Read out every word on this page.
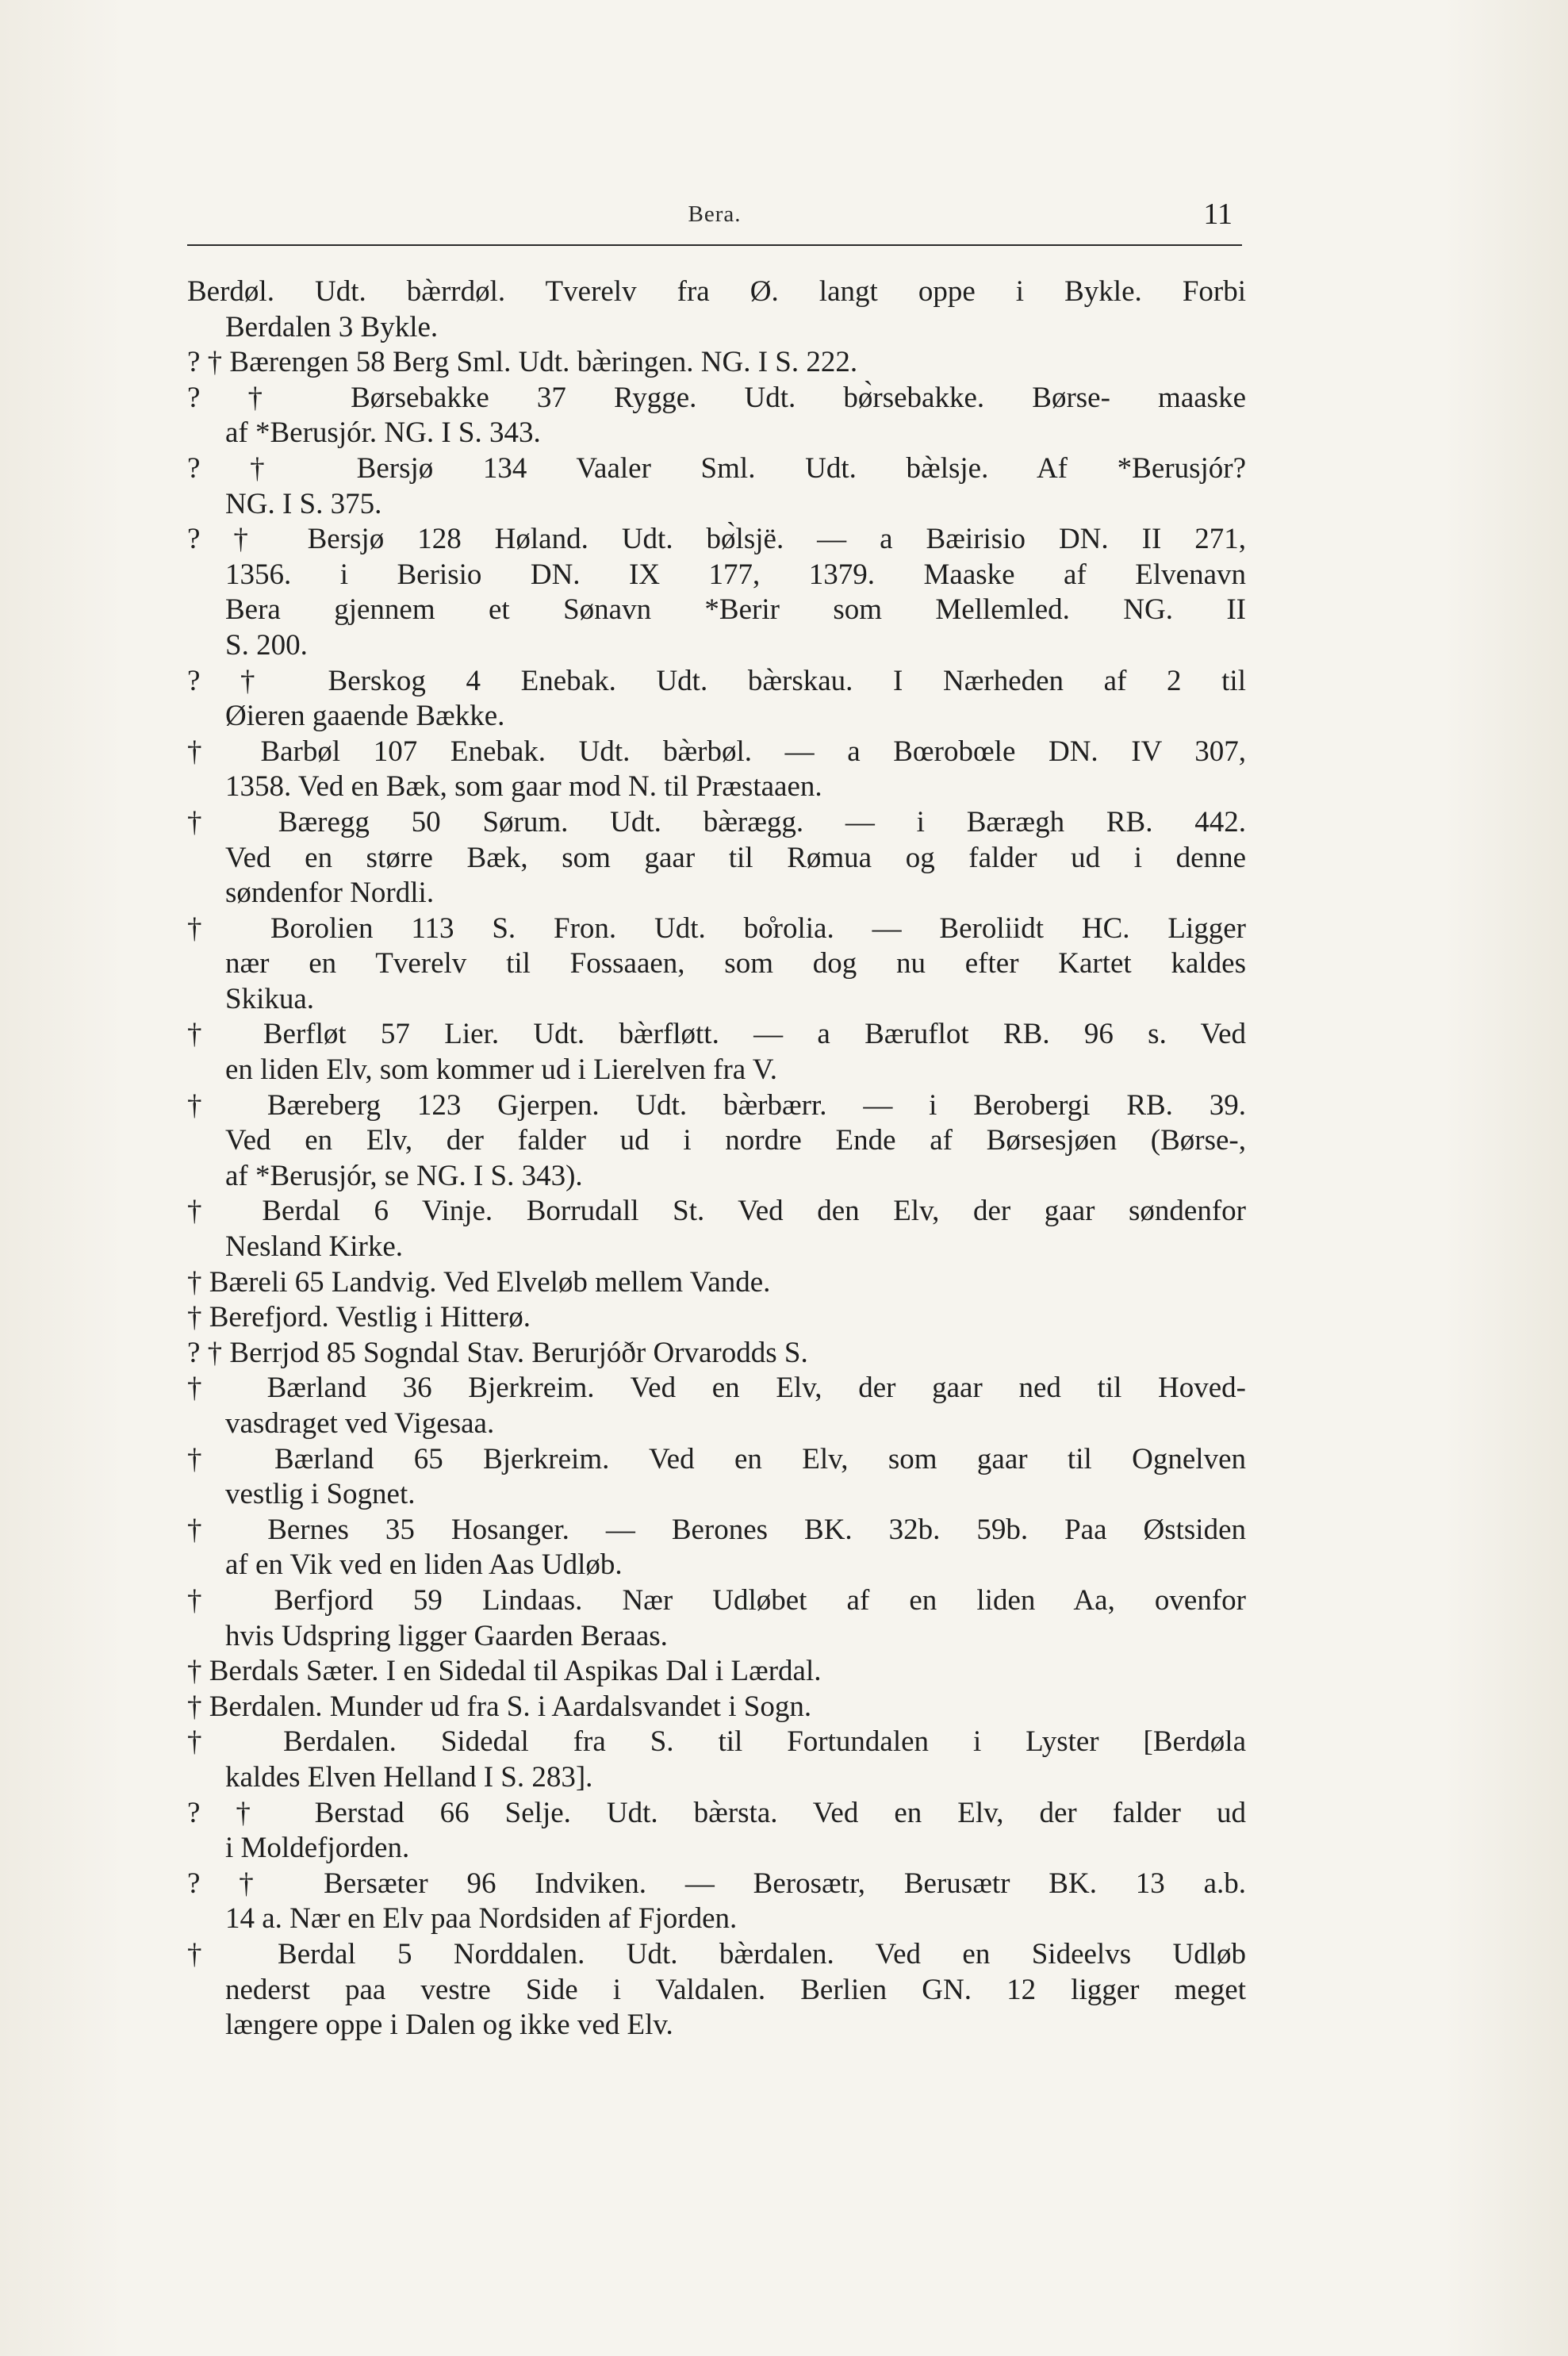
Bera.	11
Berdøl. Udt. bæ̀rrdøl. Tverelv fra Ø. langt oppe i Bykle. Forbi
Berdalen 3 Bykle.
? † Bærengen 58 Berg Sml. Udt. bæ̀ringen. NG. I S. 222.
? † Børsebakke 37 Rygge. Udt. bø̀rsebakke. Børse- maaske
af *Berusjór. NG. I S. 343.
? † Bersjø 134 Vaaler Sml. Udt. bæ̀lsje. Af *Berusjór?
NG. I S. 375.
? † Bersjø 128 Høland. Udt. bø̀lsjë. — a Bæirisio DN. II 271,
1356. i Berisio DN. IX 177, 1379. Maaske af Elvenavn
Bera gjennem et Sønavn *Berir som Mellemled. NG. II
S. 200.
? † Berskog 4 Enebak. Udt. bæ̀rskau. I Nærheden af 2 til
Øieren gaaende Bække.
† Barbøl 107 Enebak. Udt. bæ̀rbøl. — a Bœrobœle DN. IV 307,
1358. Ved en Bæk, som gaar mod N. til Præstaaen.
† Bæregg 50 Sørum. Udt. bæ̀rægg. — i Bærægh RB. 442.
Ved en større Bæk, som gaar til Rømua og falder ud i denne
søndenfor Nordli.
† Borolien 113 S. Fron. Udt. bo̊rolia. — Beroliidt HC. Ligger
nær en Tverelv til Fossaaen, som dog nu efter Kartet kaldes
Skikua.
† Berfløt 57 Lier. Udt. bæ̀rfløtt. — a Bæruflot RB. 96 s. Ved
en liden Elv, som kommer ud i Lierelven fra V.
† Bæreberg 123 Gjerpen. Udt. bæ̀rbærr. — i Berobergi RB. 39.
Ved en Elv, der falder ud i nordre Ende af Børsesjøen (Børse-,
af *Berusjór, se NG. I S. 343).
† Berdal 6 Vinje. Borrudall St. Ved den Elv, der gaar søndenfor
Nesland Kirke.
† Bæreli 65 Landvig. Ved Elveløb mellem Vande.
† Berefjord. Vestlig i Hitterø.
? † Berrjod 85 Sogndal Stav. Berurjóðr Orvarodds S.
† Bærland 36 Bjerkreim. Ved en Elv, der gaar ned til Hoved-
vasdraget ved Vigesaa.
† Bærland 65 Bjerkreim. Ved en Elv, som gaar til Ognelven
vestlig i Sognet.
† Bernes 35 Hosanger. — Berones BK. 32b. 59b. Paa Østsiden
af en Vik ved en liden Aas Udløb.
† Berfjord 59 Lindaas. Nær Udløbet af en liden Aa, ovenfor
hvis Udspring ligger Gaarden Beraas.
† Berdals Sæter. I en Sidedal til Aspikas Dal i Lærdal.
† Berdalen. Munder ud fra S. i Aardalsvandet i Sogn.
† Berdalen. Sidedal fra S. til Fortundalen i Lyster [Berdøla
kaldes Elven Helland I S. 283].
? † Berstad 66 Selje. Udt. bæ̀rsta. Ved en Elv, der falder ud
i Moldefjorden.
? † Bersæter 96 Indviken. — Berosætr, Berusætr BK. 13 a.b.
14 a. Nær en Elv paa Nordsiden af Fjorden.
† Berdal 5 Norddalen. Udt. bæ̀rdalen. Ved en Sideelvs Udløb
nederst paa vestre Side i Valdalen. Berlien GN. 12 ligger meget
længere oppe i Dalen og ikke ved Elv.
